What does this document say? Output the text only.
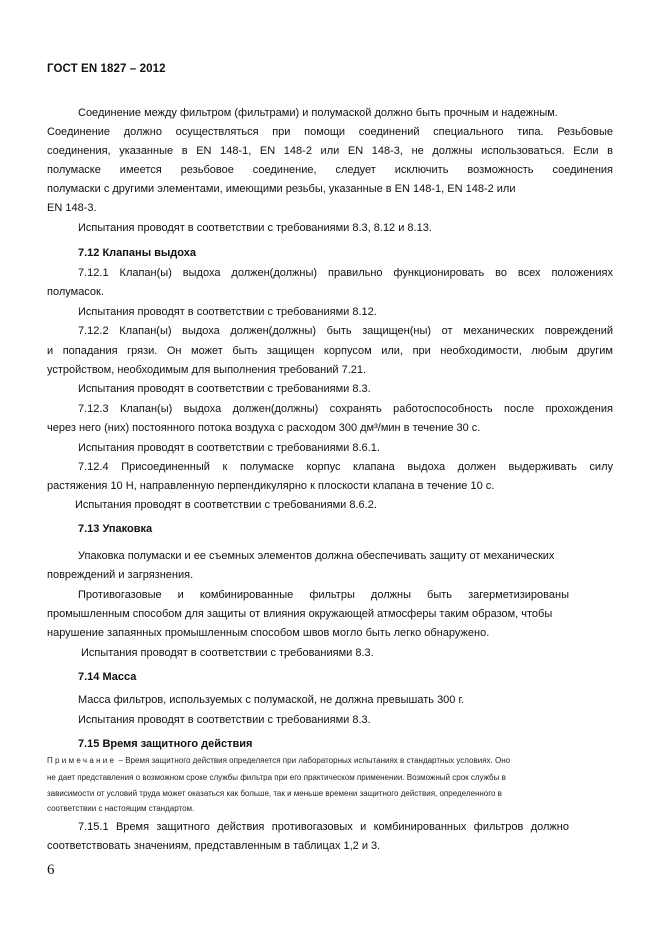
ГОСТ EN 1827 – 2012
Соединение между фильтром (фильтрами) и полумаской должно быть прочным и надежным.
Соединение должно осуществляться при помощи соединений специального типа. Резьбовые
соединения, указанные в EN 148-1, EN 148-2 или EN 148-3, не должны использоваться. Если в
полумаске имеется резьбовое соединение, следует исключить возможность соединения
полумаски с другими элементами, имеющими резьбы, указанные в EN 148-1, EN 148-2 или
EN 148-3.
Испытания проводят в соответствии с требованиями 8.3, 8.12 и 8.13.
7.12 Клапаны выдоха
7.12.1 Клапан(ы) выдоха должен(должны) правильно функционировать во всех положениях
полумасок.
Испытания проводят в соответствии с требованиями 8.12.
7.12.2 Клапан(ы) выдоха должен(должны) быть защищен(ны) от механических повреждений
и попадания грязи. Он может быть защищен корпусом или, при необходимости, любым другим
устройством, необходимым для выполнения требований 7.21.
Испытания проводят в соответствии с требованиями 8.3.
7.12.3 Клапан(ы) выдоха должен(должны) сохранять работоспособность после прохождения
через него (них) постоянного потока воздуха с расходом 300 дм³/мин в течение 30 с.
Испытания проводят в соответствии с требованиями 8.6.1.
7.12.4 Присоединенный к полумаске корпус клапана выдоха должен выдерживать силу
растяжения 10 Н, направленную перпендикулярно к плоскости клапана в течение 10 с.
Испытания проводят в соответствии с требованиями 8.6.2.
7.13 Упаковка
Упаковка полумаски и ее съемных элементов должна обеспечивать защиту от механических
повреждений и загрязнения.
Противогазовые и комбинированные фильтры должны быть загерметизированы
промышленным способом для защиты от влияния окружающей атмосферы таким образом, чтобы
нарушение запаянных промышленным способом швов могло быть легко обнаружено.
Испытания проводят в соответствии с требованиями 8.3.
7.14 Масса
Масса фильтров, используемых с полумаской, не должна превышать 300 г.
Испытания проводят в соответствии с требованиями 8.3.
7.15 Время защитного действия
Примечание – Время защитного действия определяется при лабораторных испытаниях в стандартных условиях. Оно
не дает представления о возможном сроке службы фильтра при его практическом применении. Возможный срок службы в
зависимости от условий труда может оказаться как больше, так и меньше времени защитного действия, определенного в
соответствии с настоящим стандартом.
7.15.1 Время защитного действия противогазовых и комбинированных фильтров должно
соответствовать значениям, представленным в таблицах 1,2 и 3.
6
